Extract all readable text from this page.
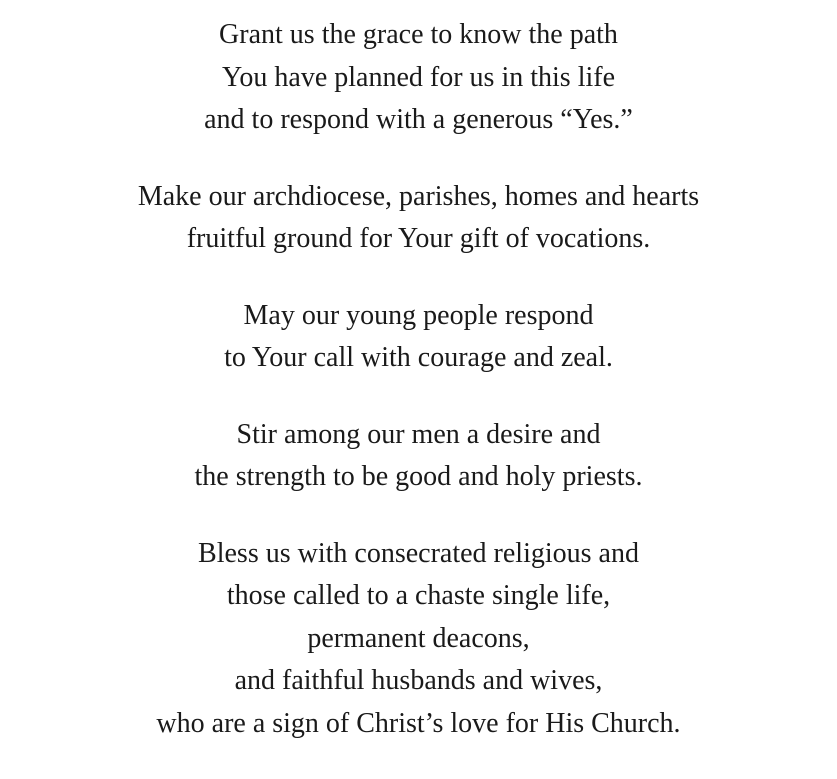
Grant us the grace to know the path
You have planned for us in this life
and to respond with a generous “Yes.”
Make our archdiocese, parishes, homes and hearts
fruitful ground for Your gift of vocations.
May our young people respond
to Your call with courage and zeal.
Stir among our men a desire and
the strength to be good and holy priests.
Bless us with consecrated religious and
those called to a chaste single life,
permanent deacons,
and faithful husbands and wives,
who are a sign of Christ’s love for His Church.
